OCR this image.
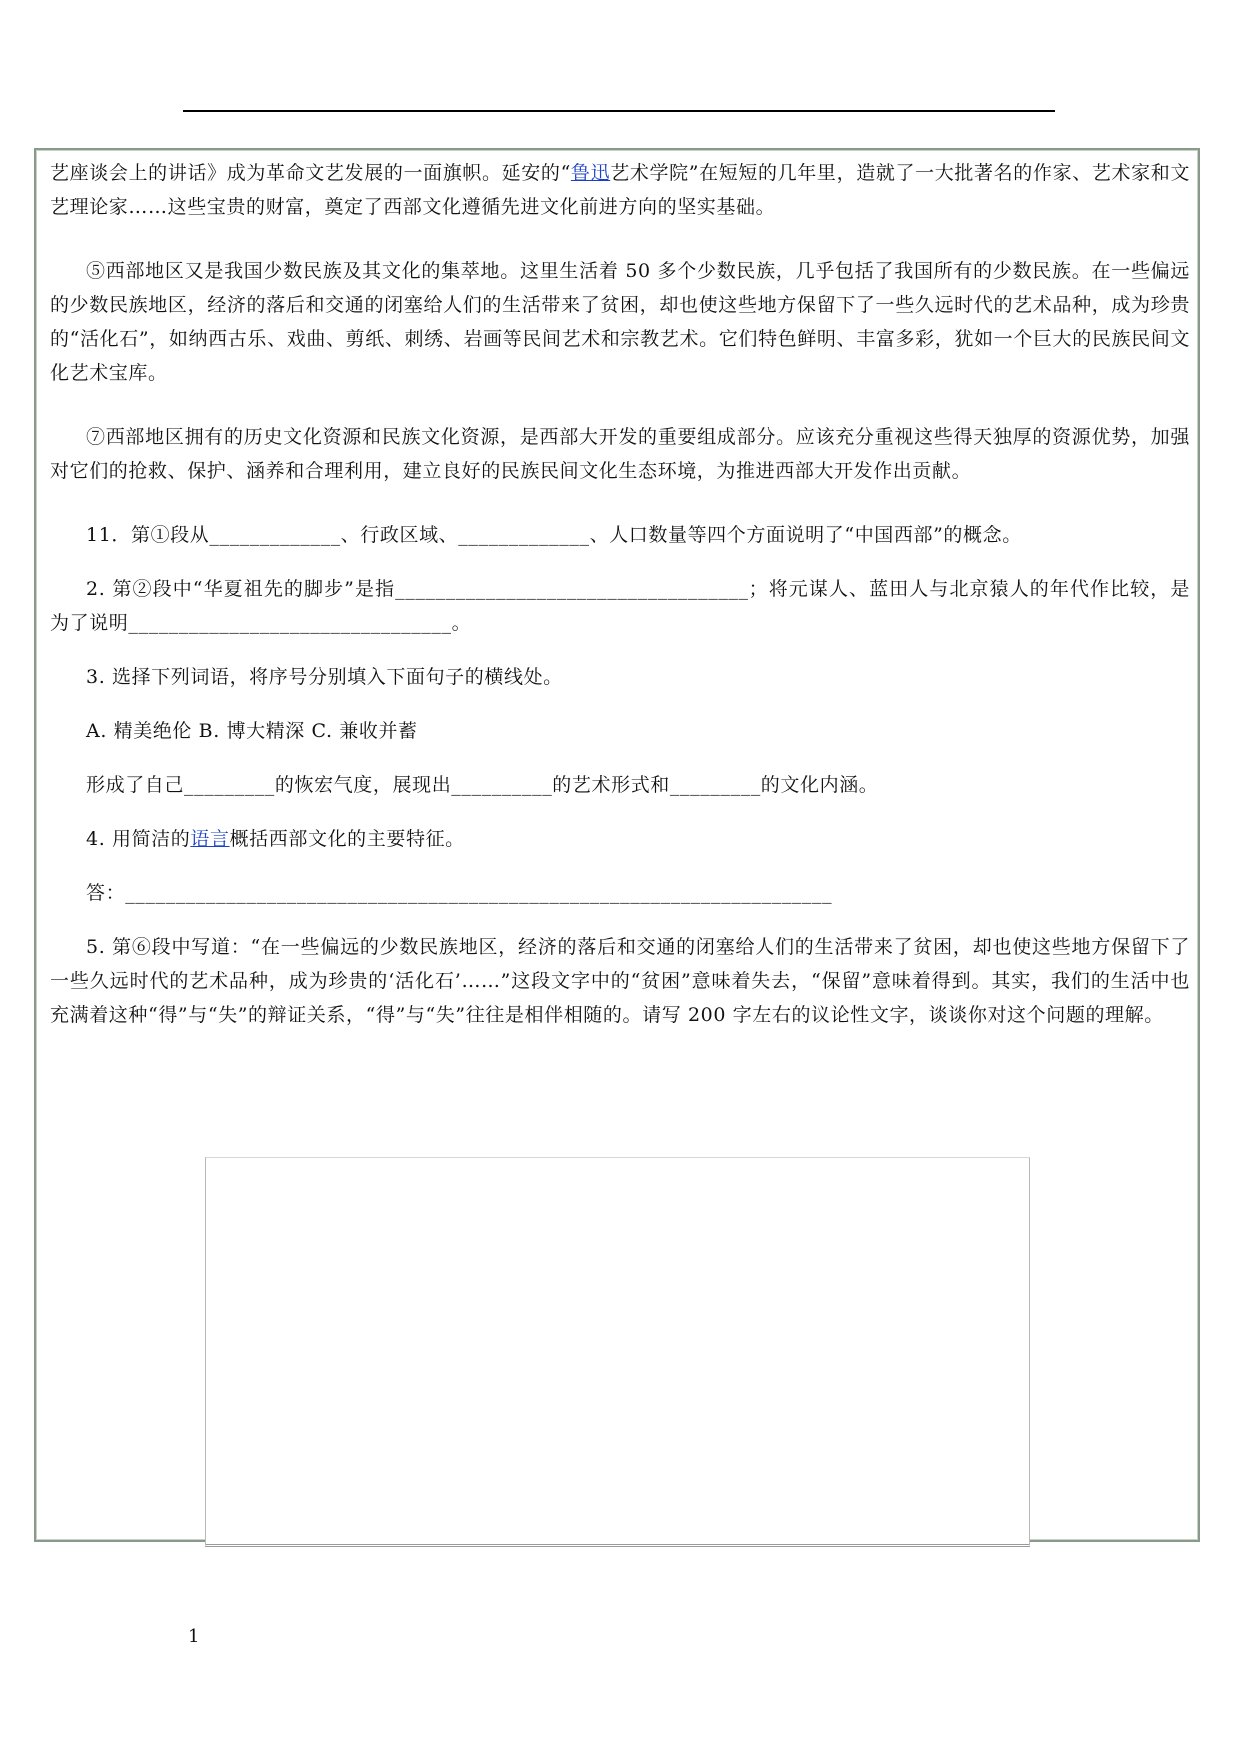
艺座谈会上的讲话》成为革命文艺发展的一面旗帜。延安的“鲁迅艺术学院”在短短的几年里，造就了一大批著名的作家、艺术家和文艺理论家……这些宝贵的财富，奠定了西部文化遵循先进文化前进方向的坚实基础。

⑤西部地区又是我国少数民族及其文化的集萃地。这里生活着 50 多个少数民族，几乎包括了我国所有的少数民族。在一些偏远的少数民族地区，经济的落后和交通的闭塞给人们的生活带来了贫困，却也使这些地方保留下了一些久远时代的艺术品种，成为珍贵的“活化石”，如纳西古乐、戏曲、剪纸、刺绣、岩画等民间艺术和宗教艺术。它们特色鲜明、丰富多彩，犹如一个巨大的民族民间文化艺术宝库。

⑦西部地区拥有的历史文化资源和民族文化资源，是西部大开发的重要组成部分。应该充分重视这些得天独厚的资源优势，加强对它们的抢救、保护、涵养和合理利用，建立良好的民族民间文化生态环境，为推进西部大开发作出贡献。

11．第①段从_____________、行政区域、_____________、人口数量等四个方面说明了“中国西部”的概念。

2. 第②段中“华夏祖先的脚步”是指___________________________________；将元谋人、蓝田人与北京猿人的年代作比较，是为了说明________________________________。

3. 选择下列词语，将序号分别填入下面句子的横线处。

A. 精美绝伦 B. 博大精深 C. 兼收并蓄

形成了自己_________的恢宏气度，展现出__________的艺术形式和_________的文化内涵。

4. 用简洁的语言概括西部文化的主要特征。

答：______________________________________________________________________

5. 第⑥段中写道：“在一些偏远的少数民族地区，经济的落后和交通的闭塞给人们的生活带来了贫困，却也使这些地方保留下了一些久远时代的艺术品种，成为珍贵的‘活化石’……”这段文字中的“贫困”意味着失去，“保留”意味着得到。其实，我们的生活中也充满着这种“得”与“失”的辩证关系，“得”与“失”往往是相伴相随的。请写 200 字左右的议论性文字，谈谈你对这个问题的理解。

1
